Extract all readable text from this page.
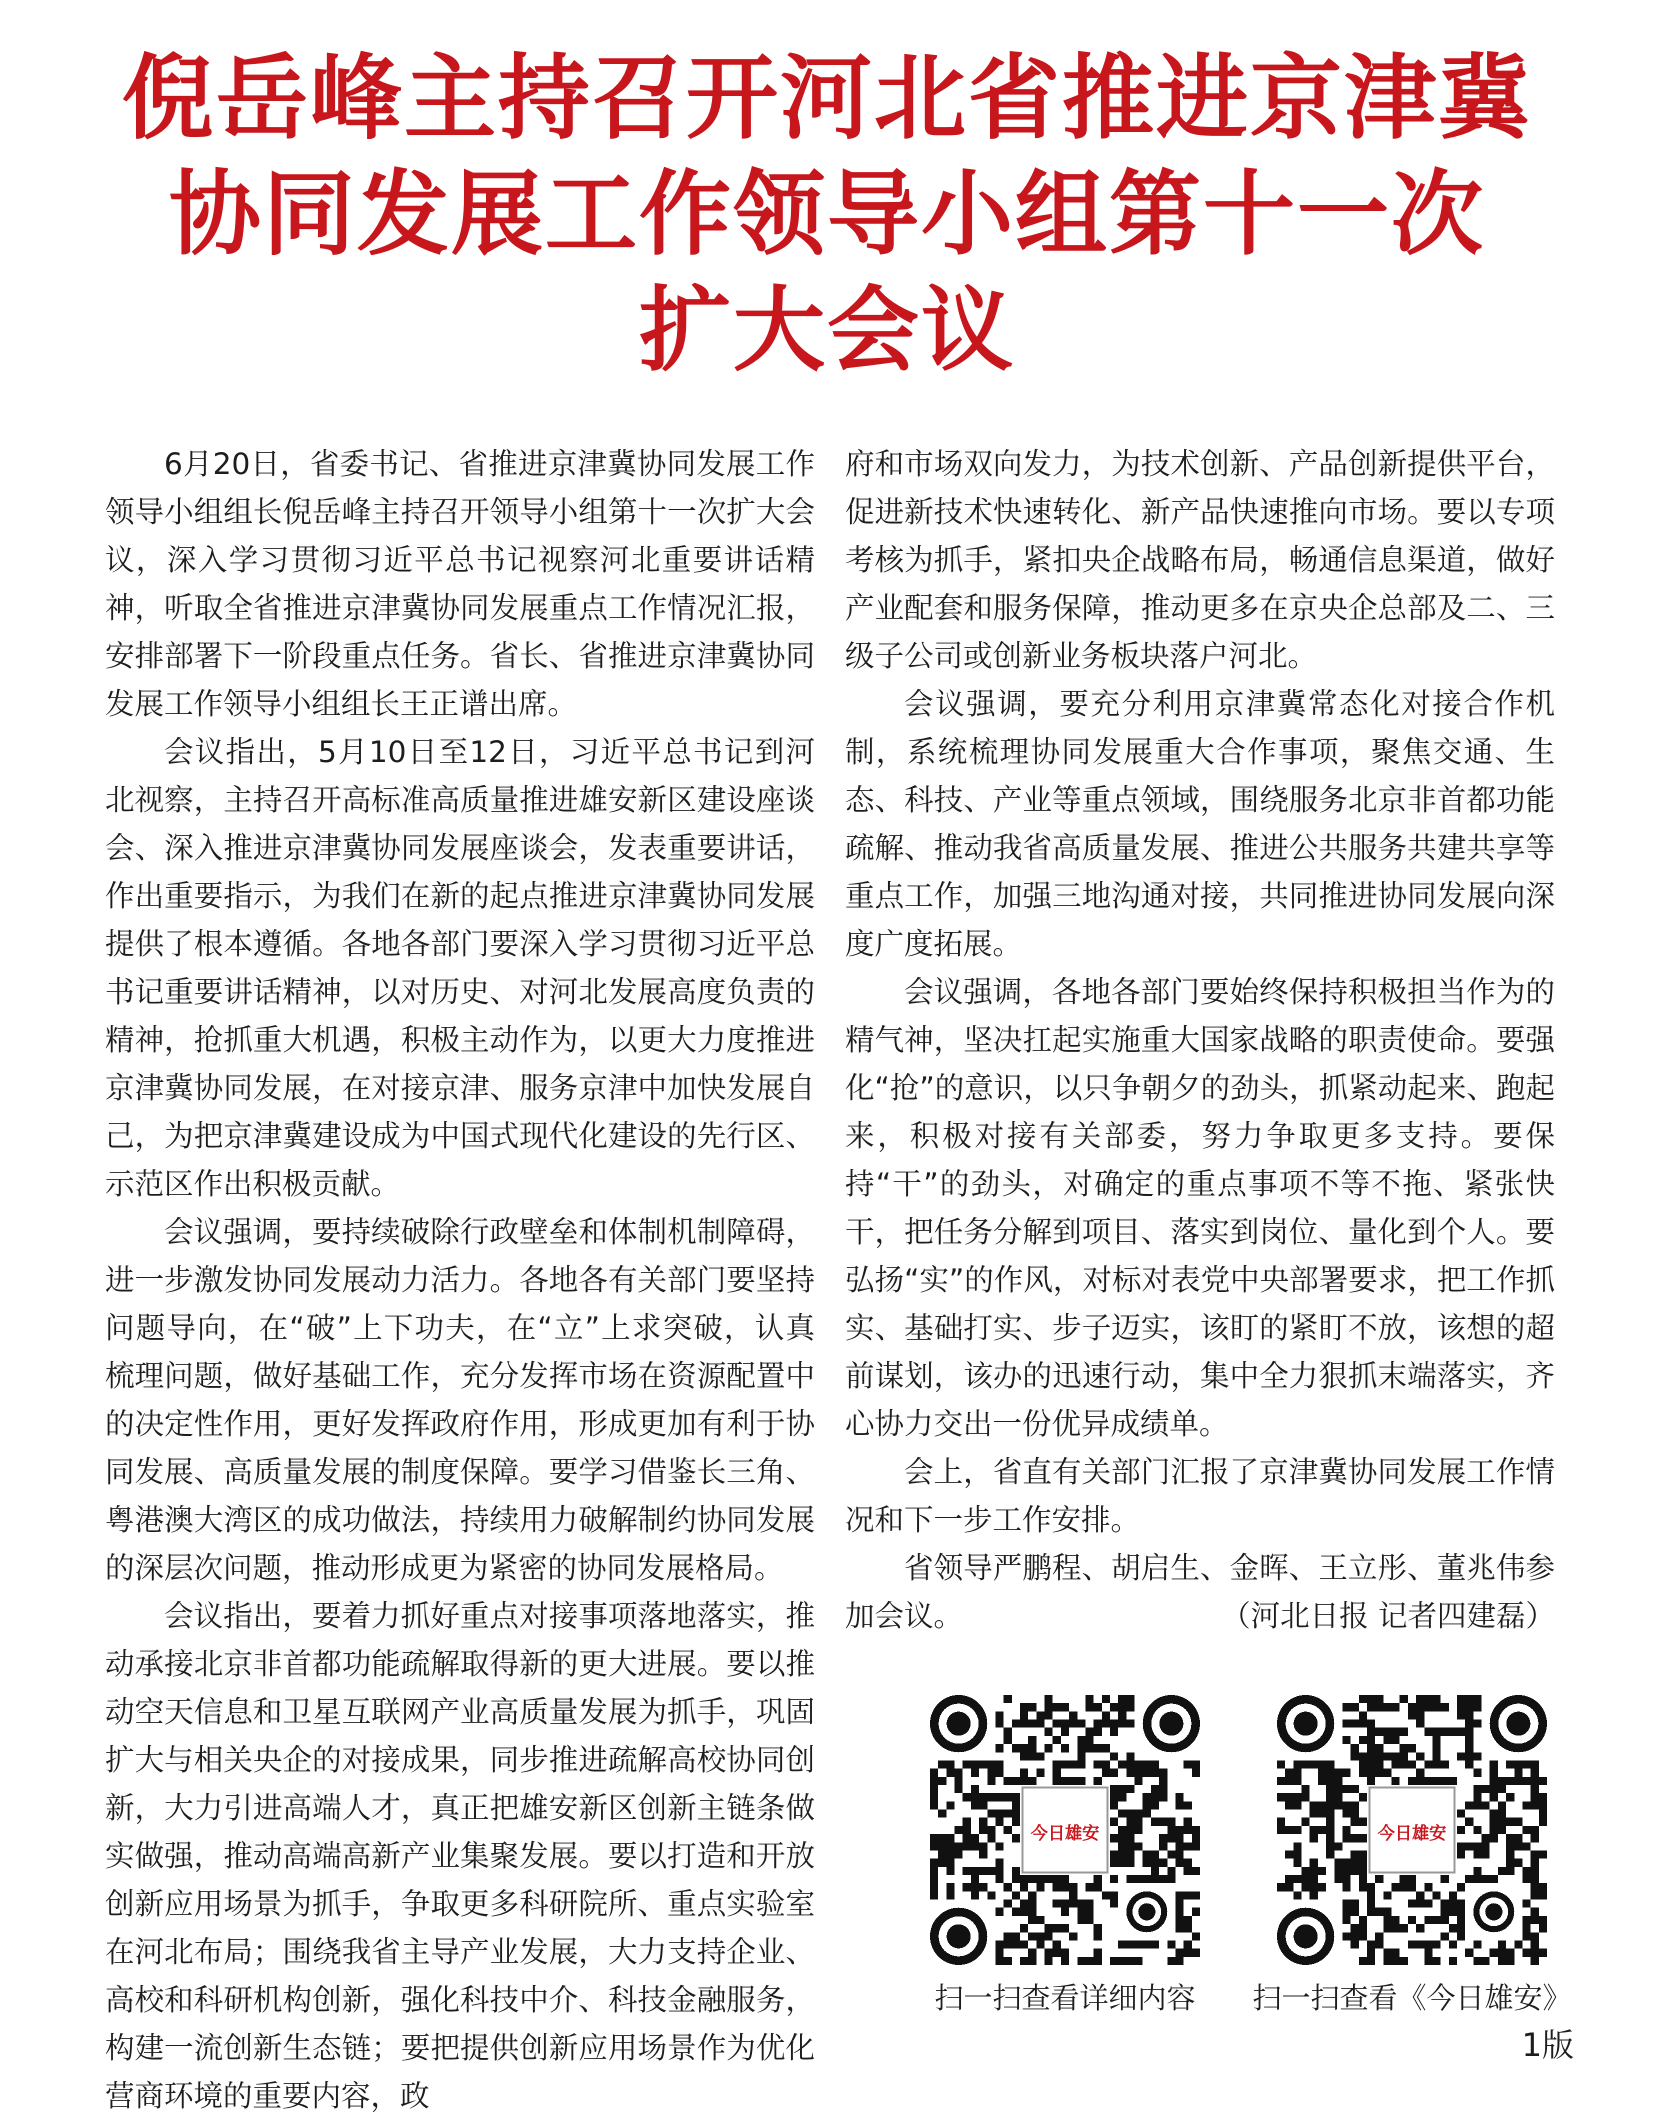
倪岳峰主持召开河北省推进京津冀
协同发展工作领导小组第十一次
扩大会议

6月20日，省委书记、省推进京津冀协同发展工作领导小组组长倪岳峰主持召开领导小组第十一次扩大会议，深入学习贯彻习近平总书记视察河北重要讲话精神，听取全省推进京津冀协同发展重点工作情况汇报，安排部署下一阶段重点任务。省长、省推进京津冀协同发展工作领导小组组长王正谱出席。

会议指出，5月10日至12日，习近平总书记到河北视察，主持召开高标准高质量推进雄安新区建设座谈会、深入推进京津冀协同发展座谈会，发表重要讲话，作出重要指示，为我们在新的起点推进京津冀协同发展提供了根本遵循。各地各部门要深入学习贯彻习近平总书记重要讲话精神，以对历史、对河北发展高度负责的精神，抢抓重大机遇，积极主动作为，以更大力度推进京津冀协同发展，在对接京津、服务京津中加快发展自己，为把京津冀建设成为中国式现代化建设的先行区、示范区作出积极贡献。

会议强调，要持续破除行政壁垒和体制机制障碍，进一步激发协同发展动力活力。各地各有关部门要坚持问题导向，在“破”上下功夫，在“立”上求突破，认真梳理问题，做好基础工作，充分发挥市场在资源配置中的决定性作用，更好发挥政府作用，形成更加有利于协同发展、高质量发展的制度保障。要学习借鉴长三角、粤港澳大湾区的成功做法，持续用力破解制约协同发展的深层次问题，推动形成更为紧密的协同发展格局。

会议指出，要着力抓好重点对接事项落地落实，推动承接北京非首都功能疏解取得新的更大进展。要以推动空天信息和卫星互联网产业高质量发展为抓手，巩固扩大与相关央企的对接成果，同步推进疏解高校协同创新，大力引进高端人才，真正把雄安新区创新主链条做实做强，推动高端高新产业集聚发展。要以打造和开放创新应用场景为抓手，争取更多科研院所、重点实验室在河北布局；围绕我省主导产业发展，大力支持企业、高校和科研机构创新，强化科技中介、科技金融服务，构建一流创新生态链；要把提供创新应用场景作为优化营商环境的重要内容，政

府和市场双向发力，为技术创新、产品创新提供平台，促进新技术快速转化、新产品快速推向市场。要以专项考核为抓手，紧扣央企战略布局，畅通信息渠道，做好产业配套和服务保障，推动更多在京央企总部及二、三级子公司或创新业务板块落户河北。

会议强调，要充分利用京津冀常态化对接合作机制，系统梳理协同发展重大合作事项，聚焦交通、生态、科技、产业等重点领域，围绕服务北京非首都功能疏解、推动我省高质量发展、推进公共服务共建共享等重点工作，加强三地沟通对接，共同推进协同发展向深度广度拓展。

会议强调，各地各部门要始终保持积极担当作为的精气神，坚决扛起实施重大国家战略的职责使命。要强化“抢”的意识，以只争朝夕的劲头，抓紧动起来、跑起来，积极对接有关部委，努力争取更多支持。要保持“干”的劲头，对确定的重点事项不等不拖、紧张快干，把任务分解到项目、落实到岗位、量化到个人。要弘扬“实”的作风，对标对表党中央部署要求，把工作抓实、基础打实、步子迈实，该盯的紧盯不放，该想的超前谋划，该办的迅速行动，集中全力狠抓末端落实，齐心协力交出一份优异成绩单。

会上，省直有关部门汇报了京津冀协同发展工作情况和下一步工作安排。

省领导严鹏程、胡启生、金晖、王立彤、董兆伟参加会议。	（河北日报 记者四建磊）

今日雄安	今日雄安
扫一扫查看详细内容	扫一扫查看《今日雄安》
1版
